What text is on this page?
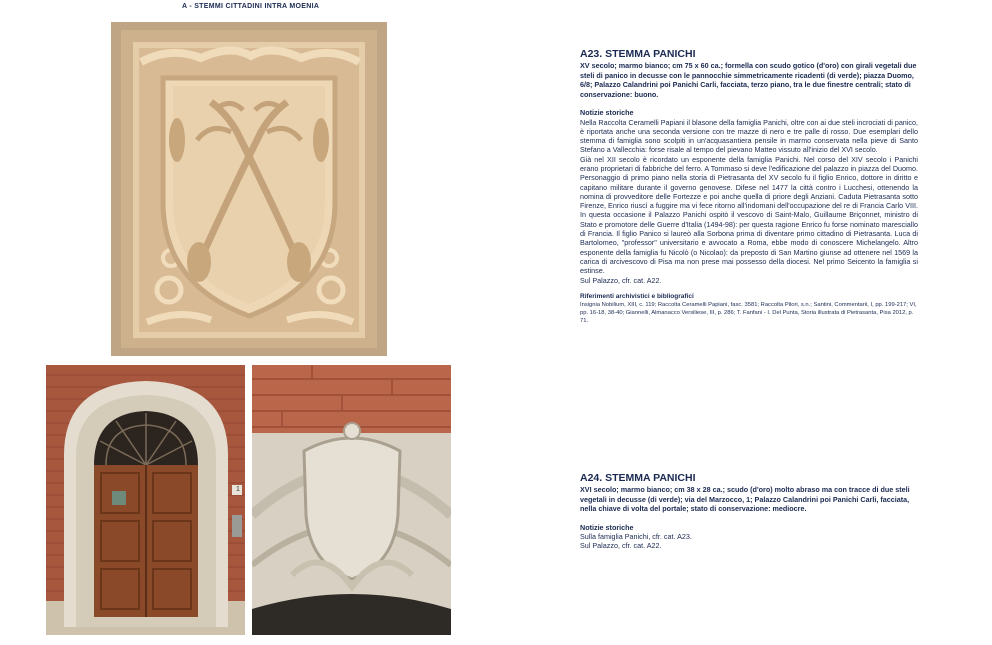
A - STEMMI CITTADINI INTRA MOENIA
1
A23. STEMMA PANICHI

XV secolo; marmo bianco; cm 75 x 60 ca.; formella con scudo gotico (d'oro) con girali vegetali due steli di panico in decusse con le pannocchie simmetricamente ricadenti (di verde); piazza Duomo, 6/8; Palazzo Calandrini poi Panichi Carli, facciata, terzo piano, tra le due finestre centrali; stato di conservazione: buono.

Notizie storiche

Nella Raccolta Ceramelli Papiani il blasone della famiglia Panichi, oltre con ai due steli incrociati di panico, è riportata anche una seconda versione con tre mazze di nero e tre palle di rosso. Due esemplari dello stemma di famiglia sono scolpiti in un'acquasantiera pensile in marmo conservata nella pieve di Santo Stefano a Vallecchia: forse risale al tempo del pievano Matteo vissuto all'inizio del XVI secolo.

Già nel XII secolo è ricordato un esponente della famiglia Panichi. Nel corso del XIV secolo i Panichi erano proprietari di fabbriche del ferro. A Tommaso si deve l'edificazione del palazzo in piazza del Duomo. Personaggio di primo piano nella storia di Pietrasanta del XV secolo fu il figlio Enrico, dottore in diritto e capitano militare durante il governo genovese. Difese nel 1477 la città contro i Lucchesi, ottenendo la nomina di provveditore delle Fortezze e poi anche quella di priore degli Anziani. Caduta Pietrasanta sotto Firenze, Enrico riuscì a fuggire ma vi fece ritorno all'indomani dell'occupazione del re di Francia Carlo VIII. In questa occasione il Palazzo Panichi ospitò il vescovo di Saint-Malo, Guillaume Briçonnet, ministro di Stato e promotore delle Guerre d'Italia (1494-98): per questa ragione Enrico fu forse nominato maresciallo di Francia. Il figlio Panico si laureò alla Sorbona prima di diventare primo cittadino di Pietrasanta. Luca di Bartolomeo, "professor" universitario e avvocato a Roma, ebbe modo di conoscere Michelangelo. Altro esponente della famiglia fu Nicolò (o Nicolao): da preposto di San Martino giunse ad ottenere nel 1569 la carica di arcivescovo di Pisa ma non prese mai possesso della diocesi. Nel primo Seicento la famiglia si estinse.

Sul Palazzo, cfr. cat. A22.

Riferimenti archivistici e bibliografici

Insignia Nobilium, XIII, c. 119; Raccolta Ceramelli Papiani, fasc. 3581; Raccolta Pilori, s.n.; Santini, Commentarii, I, pp. 199-217; VI, pp. 16-18, 38-40; Giannelli, Almanacco Versiliese, III, p. 286; T. Fanfani - I. Del Punta, Storia illustrata di Pietrasanta, Pisa 2012, p. 71.

A24. STEMMA PANICHI

XVI secolo; marmo bianco; cm 38 x 28 ca.; scudo (d'oro) molto abraso ma con tracce di due steli vegetali in decusse (di verde); via del Marzocco, 1; Palazzo Calandrini poi Panichi Carli, facciata, nella chiave di volta del portale; stato di conservazione: mediocre.

Notizie storiche

Sulla famiglia Panichi, cfr. cat. A23.

Sul Palazzo, cfr. cat. A22.
